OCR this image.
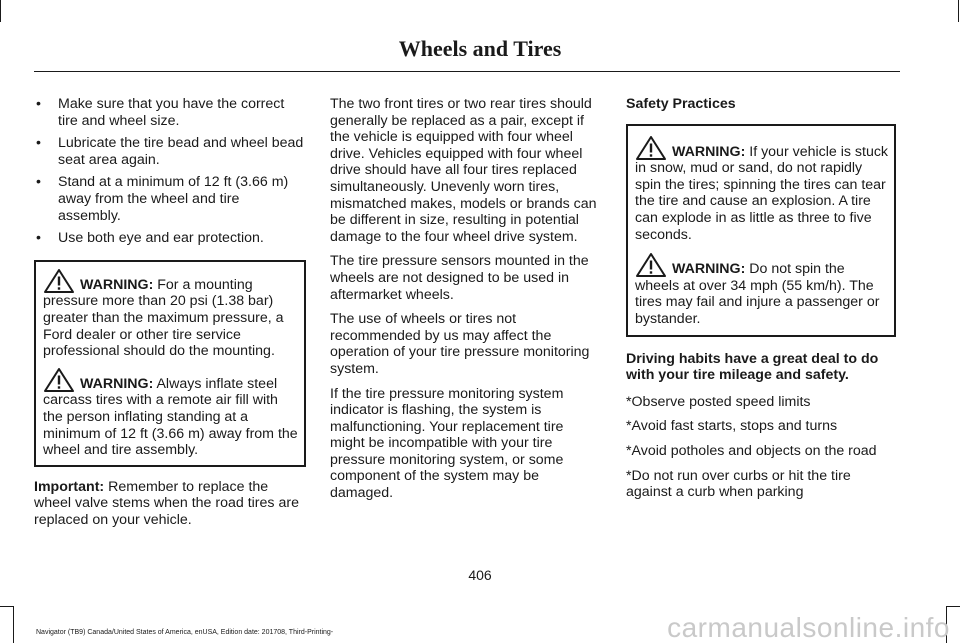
Wheels and Tires
• Make sure that you have the correct tire and wheel size.
• Lubricate the tire bead and wheel bead seat area again.
• Stand at a minimum of 12 ft (3.66 m) away from the wheel and tire assembly.
• Use both eye and ear protection.
WARNING: For a mounting pressure more than 20 psi (1.38 bar) greater than the maximum pressure, a Ford dealer or other tire service professional should do the mounting.
WARNING: Always inflate steel carcass tires with a remote air fill with the person inflating standing at a minimum of 12 ft (3.66 m) away from the wheel and tire assembly.

Important: Remember to replace the wheel valve stems when the road tires are replaced on your vehicle.

The two front tires or two rear tires should generally be replaced as a pair, except if the vehicle is equipped with four wheel drive. Vehicles equipped with four wheel drive should have all four tires replaced simultaneously. Unevenly worn tires, mismatched makes, models or brands can be different in size, resulting in potential damage to the four wheel drive system.

The tire pressure sensors mounted in the wheels are not designed to be used in aftermarket wheels.

The use of wheels or tires not recommended by us may affect the operation of your tire pressure monitoring system.

If the tire pressure monitoring system indicator is flashing, the system is malfunctioning. Your replacement tire might be incompatible with your tire pressure monitoring system, or some component of the system may be damaged.

Safety Practices
WARNING: If your vehicle is stuck in snow, mud or sand, do not rapidly spin the tires; spinning the tires can tear the tire and cause an explosion. A tire can explode in as little as three to five seconds.
WARNING: Do not spin the wheels at over 34 mph (55 km/h). The tires may fail and injure a passenger or bystander.

Driving habits have a great deal to do with your tire mileage and safety.

*Observe posted speed limits

*Avoid fast starts, stops and turns

*Avoid potholes and objects on the road

*Do not run over curbs or hit the tire against a curb when parking

406
Navigator (TB9) Canada/United States of America, enUSA, Edition date: 201708, Third-Printing-	carmanualsonline.info
